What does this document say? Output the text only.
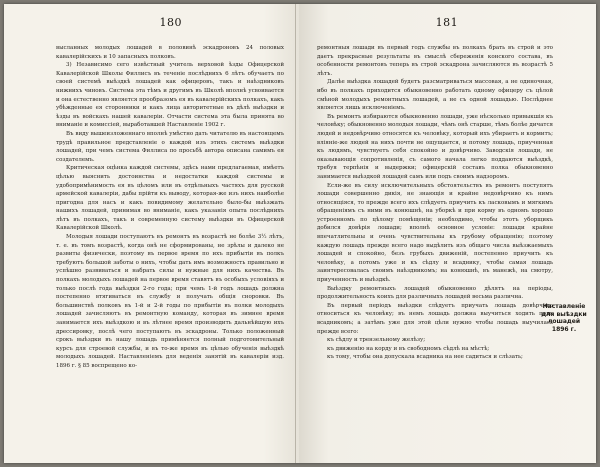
180

высланных молодых лошадей в половинѣ эскадроновъ 24 половых кавалерійскихъ и 10 запасныхъ полковъ.

3) Независимо сего извѣстный учитель верховой ѣзды Офицерской Кавалерійской Школы Филлисъ въ теченіе послѣднихъ 6 лѣтъ обучаетъ по своей системѣ выѣздкѣ лошадей как офицеровъ, такъ и наѣздниковъ нижнихъ чиновъ. Система эта тѣмъ и другимъ въ Школѣ вполнѣ усвоивается и она естественно является прообразомъ ея въ кавалерійскихъ полкахъ, какъ убѣжденные ея сторонники и какъ лица авторитетные въ дѣлѣ выѣздки и ѣзды въ войскахъ нашей кавалеріи. Отчасти система эта была принята во вниманіе и комиссіей, выработавшей Наставленіе 1902 г.

Въ виду вышеизложеннаго вполнѣ умѣстно дать читателю въ настоящемъ трудѣ правильное представленіе о каждой изъ этихъ системъ выѣздки лошадей, при чемъ система Филлиса по просьбѣ автора описана самимъ ея создателемъ.

Критическая оцѣнка каждой системы, здѣсь нами предлагаемая, имѣетъ цѣлью выяснить достоинства и недостатки каждой системы и удобопримѣнимость ея въ цѣломъ или въ отдѣльныхъ частяхъ для русской армейской кавалеріи, дабы прійти къ выводу, которая-же изъ нихъ наиболѣе пригодна для насъ и какъ повидимому желательно было-бы выѣзжать нашихъ лошадей, принимая во вниманіе, какъ указанія опыта послѣднихъ лѣтъ въ полкахъ, такъ и современную систему выѣздки въ Офицерской Кавалерійской Школѣ.

Молодыя лошади поступаютъ въ ремонтъ въ возрастѣ не болѣе 3½ лѣтъ, т. е. въ томъ возрастѣ, когда онѣ не сформированы, не зрѣлы и далеко не развиты физически, поэтому въ первое время по ихъ прибытіи въ полкъ требуютъ большой заботы о нихъ, чтобы дать имъ возможность правильно и успѣшно развиваться и набрать силы и нужные для нихъ качества. Въ полкахъ молодыхъ лошадей на первое время ставятъ въ особыхъ условіяхъ и только послѣ года выѣздки 2-го года; при чемъ 1-й годъ лошадь должна постепенно втягиваться въ службу и получать общія сноровки. Въ большинствѣ полковъ въ 1-й и 2-й годы по прибытіи въ полки молодыхъ лошадей зачисляютъ въ ремонтную команду, которая въ зимнее время занимается ихъ выѣздкою и въ лѣтнее время производить дальнѣйшую ихъ дрессировку, послѣ чего поступаютъ въ эскадроны. Только положенный срокъ выѣздки въ нашу лошадь примѣняется полный подготовительный курсъ для строевой службы, и въ то-же время въ цѣлью обученія выѣздкѣ молодыхъ лошадей. Наставленіемъ для веденія занятій въ кавалеріи изд. 1896 г. § 85 воспрещено ко-

181

ремонтныя лошади въ первый годъ службы въ полкахъ брать въ строй и это даетъ прекрасные результаты въ смыслѣ сбереженія конского состава, въ особенности ремонтовъ теперь въ строй эскадрона зачисляются въ возрастѣ 5 лѣтъ.

Далѣе выѣздка лошадей будетъ разсматриваться массовая, а не одиночная, ибо въ полкахъ приходится обыкновенно работать одному офицеру съ цѣлой смѣной молодыхъ ремонтныхъ лошадей, а не съ одной лошадью. Послѣднее является лишь исключеніемъ.

Въ ремонтъ избираются обыкновенно лошади, уже нѣсколько привыкшія къ человѣку; обыкновенно молодыя лошади, чѣмъ онѣ старше, тѣмъ болѣе дичатся людей и недовѣрчиво относятся къ человѣку, который ихъ убираетъ и кормитъ; вліяніе-же людей на нихъ почти не ощущается, и потому лошадь, приученная къ людямъ, чувствуетъ себя спокойно и довѣрчиво. Заводскія лошади, не оказывающія сопротивленія, съ самого начала легко поддаются выѣздкѣ, требуя терпѣнія и выдержки; офицерскій составъ полка обыкновенно занимается выѣздкой лошадей самъ или подъ своимъ надзоромъ.

Если-же въ силу исключительныхъ обстоятельствъ въ ремонтъ поступятъ лошади совершенно дикія, не знающія и крайне недовѣрчиво къ нимъ относящіяся, то прежде всего ихъ слѣдуетъ приучить къ ласковымъ и мягкимъ обращеніямъ съ ними въ конюшнѣ, на уборкѣ и при корму въ одномъ хорошо устроенномъ по цѣлому помѣщеніи; необходимо, чтобы этотъ уборщикъ добился довѣрія лошади; вполнѣ основное условіе: лошади крайне впечатлительны и очень чувствительны къ грубому обращенію; поэтому каждую лошадь прежде всего надо выдѣлить изъ общаго числа выѣзжаемыхъ лошадей и спокойно, безъ грубыхъ движеній, постепенно приучить къ человѣку, а потомъ уже и къ сѣдлу и всаднику, чтобы самая лошадь заинтересовалась своимъ наѣздникомъ; на конюшнѣ, въ манежѣ, на смотру, приученность и выѣздкѣ.

Выѣздку ремонтныхъ лошадей обыкновенно дѣлятъ на періоды, продолжительность коихъ для различныхъ лошадей весьма различна.

Въ первый періодъ выѣздки слѣдуетъ приучать лошадь довѣрчиво относиться къ человѣку; въ немъ лошадь должна выучиться ходить подъ всадникомъ; а затѣмъ уже для этой цѣли нужно чтобы лошадь выучилась прежде всего:

къ сѣдлу и трензельному желѣзу;

къ движенію на корду и въ свободномъ сѣдлѣ на мѣстѣ;

къ тому, чтобы она допускала всадника на нее садиться и слѣзать;

Наставленіе для выѣздки лошадей 1896 г.
